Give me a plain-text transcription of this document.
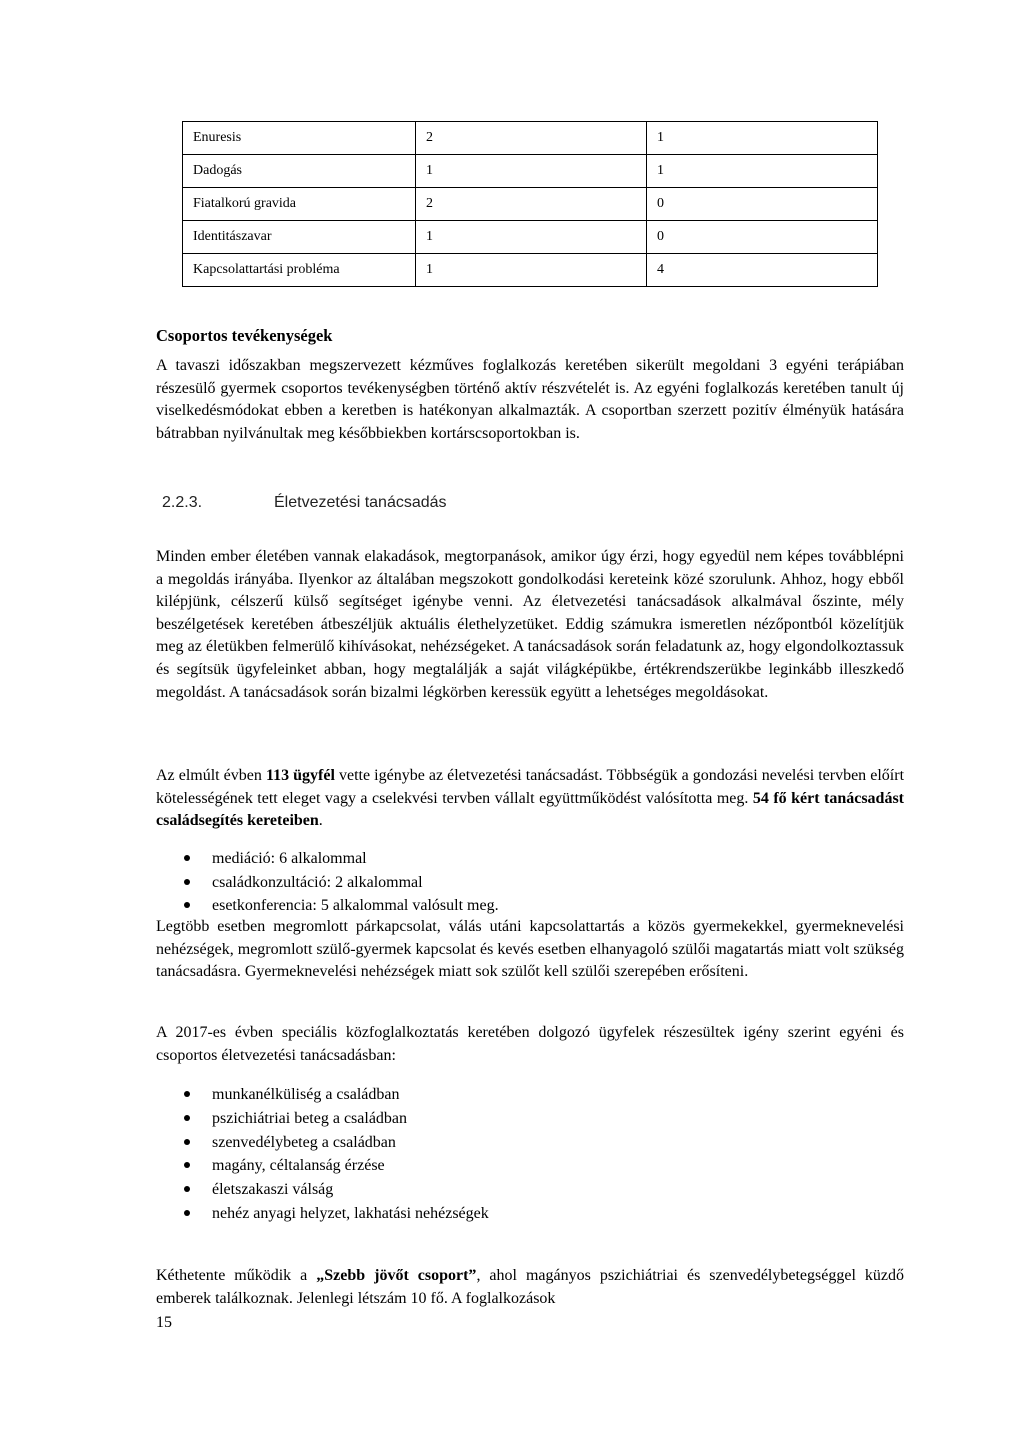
Enuresis	2	1
Dadogás	1	1
Fiatalkorú gravida	2	0
Identitászavar	1	0
Kapcsolattartási probléma	1	4
Csoportos tevékenységek

A tavaszi időszakban megszervezett kézműves foglalkozás keretében sikerült megoldani 3 egyéni terápiában részesülő gyermek csoportos tevékenységben történő aktív részvételét is. Az egyéni foglalkozás keretében tanult új viselkedésmódokat ebben a keretben is hatékonyan alkalmazták. A csoportban szerzett pozitív élményük hatására bátrabban nyilvánultak meg későbbiekben kortárscsoportokban is.

2.2.3.	Életvezetési tanácsadás

Minden ember életében vannak elakadások, megtorpanások, amikor úgy érzi, hogy egyedül nem képes továbblépni a megoldás irányába. Ilyenkor az általában megszokott gondolkodási kereteink közé szorulunk. Ahhoz, hogy ebből kilépjünk, célszerű külső segítséget igénybe venni. Az életvezetési tanácsadások alkalmával őszinte, mély beszélgetések keretében átbeszéljük aktuális élethelyzetüket. Eddig számukra ismeretlen nézőpontból közelítjük meg az életükben felmerülő kihívásokat, nehézségeket. A tanácsadások során feladatunk az, hogy elgondolkoztassuk és segítsük ügyfeleinket abban, hogy megtalálják a saját világképükbe, értékrendszerükbe leginkább illeszkedő megoldást. A tanácsadások során bizalmi légkörben keressük együtt a lehetséges megoldásokat.

Az elmúlt évben 113 ügyfél vette igénybe az életvezetési tanácsadást. Többségük a gondozási nevelési tervben előírt kötelességének tett eleget vagy a cselekvési tervben vállalt együttműködést valósította meg. 54 fő kért tanácsadást családsegítés kereteiben.

mediáció: 6 alkalommal
családkonzultáció: 2 alkalommal
esetkonferencia: 5 alkalommal valósult meg.

Legtöbb esetben megromlott párkapcsolat, válás utáni kapcsolattartás a közös gyermekekkel, gyermeknevelési nehézségek, megromlott szülő-gyermek kapcsolat és kevés esetben elhanyagoló szülői magatartás miatt volt szükség tanácsadásra. Gyermeknevelési nehézségek miatt sok szülőt kell szülői szerepében erősíteni.

A 2017-es évben speciális közfoglalkoztatás keretében dolgozó ügyfelek részesültek igény szerint egyéni és csoportos életvezetési tanácsadásban:

munkanélküliség a családban
pszichiátriai beteg a családban
szenvedélybeteg a családban
magány, céltalanság érzése
életszakaszi válság
nehéz anyagi helyzet, lakhatási nehézségek

Kéthetente működik a „Szebb jövőt csoport”, ahol magányos pszichiátriai és szenvedélybetegséggel küzdő emberek találkoznak. Jelenlegi létszám 10 fő. A foglalkozások

15
